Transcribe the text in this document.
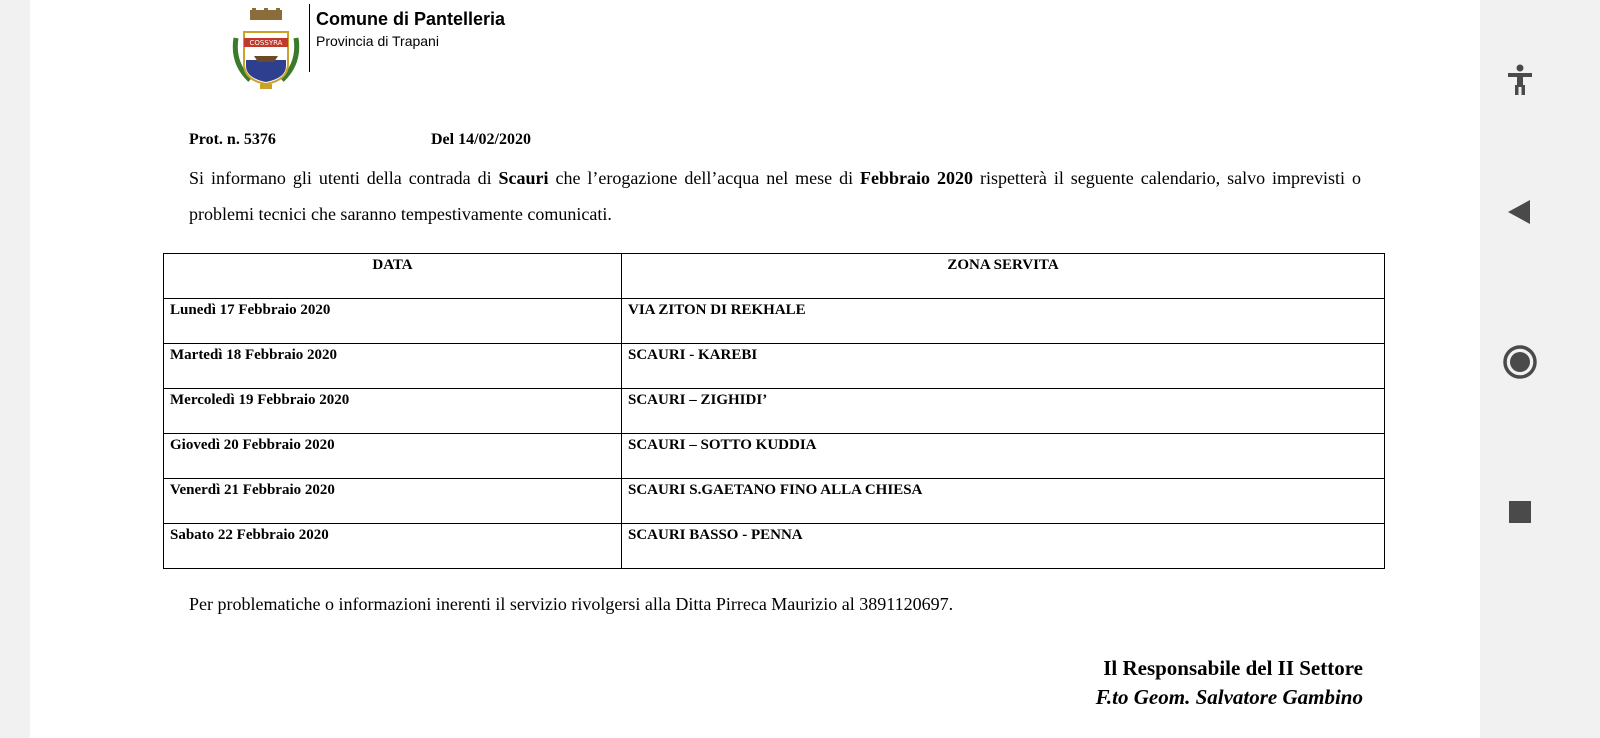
COSSYRA
Comune di Pantelleria
Provincia di Trapani
Prot. n. 5376	Del 14/02/2020

Si informano gli utenti della contrada di Scauri che l’erogazione dell’acqua nel mese di Febbraio 2020 rispetterà il seguente calendario, salvo imprevisti o problemi tecnici che saranno tempestivamente comunicati.

DATA	ZONA SERVITA
Lunedì 17 Febbraio 2020	VIA ZITON DI REKHALE
Martedì 18 Febbraio 2020	SCAURI - KAREBI
Mercoledì 19 Febbraio 2020	SCAURI – ZIGHIDI’
Giovedì 20 Febbraio 2020	SCAURI – SOTTO KUDDIA
Venerdì 21 Febbraio 2020	SCAURI S.GAETANO FINO ALLA CHIESA
Sabato 22 Febbraio 2020	SCAURI BASSO - PENNA

Per problematiche o informazioni inerenti il servizio rivolgersi alla Ditta Pirreca Maurizio al 3891120697.

Il Responsabile del II Settore
F.to Geom. Salvatore Gambino
